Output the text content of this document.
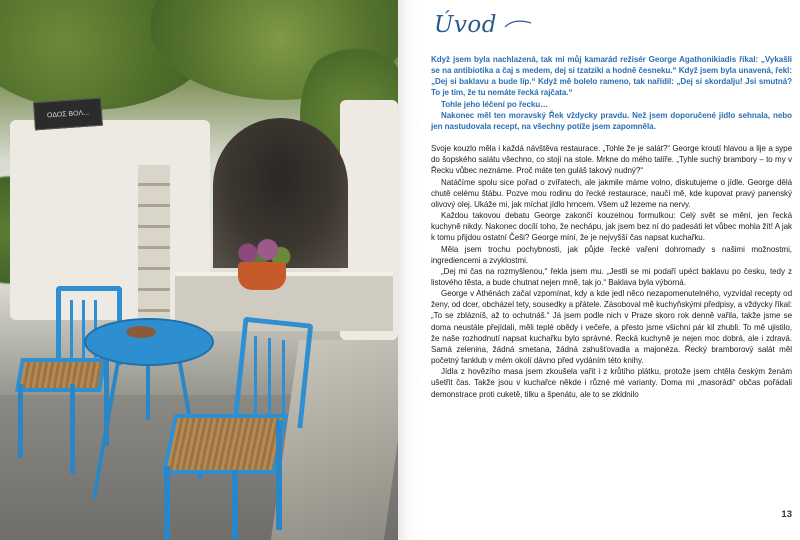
ΟΔΟΣ ΒΟΛ...
Úvod

Když jsem byla nachlazená, tak mi můj kamarád režisér George Agathonikiadis říkal: „Vykašli se na antibiotika a čaj s medem, dej si tzatziki a hodně česneku.“ Když jsem byla unavená, řekl: „Dej si baklavu a bude líp.“ Když mě bolelo rameno, tak nařídil: „Dej si skordalju! Jsi smutná? To je tím, že tu nemáte řecká rajčata.“

Tohle jeho léčení po řecku…

Nakonec měl ten moravský Řek vždycky pravdu. Než jsem doporučené jídlo sehnala, nebo jen nastudovala recept, na všechny potíže jsem zapomněla.

Svoje kouzlo měla i každá návštěva restaurace. „Tohle že je salát?“ George kroutí hlavou a lije a sype do šopského salátu všechno, co stojí na stole. Mrkne do mého talíře. „Tyhle suchý brambory – to my v Řecku vůbec neznáme. Proč máte ten guláš takový nudný?“

Natáčíme spolu sice pořad o zvířatech, ale jakmile máme volno, diskutujeme o jídle. George dělá chutě celému štábu. Pozve mou rodinu do řecké restaurace, naučí mě, kde kupovat pravý panenský olivový olej. Ukáže mi, jak míchat jídlo hrncem. Všem už lezeme na nervy.

Každou takovou debatu George zakončí kouzelnou formulkou: Celý svět se mění, jen řecká kuchyně nikdy. Nakonec docílí toho, že nechápu, jak jsem bez ní do padesáti let vůbec mohla žít! A jak k tomu přijdou ostatní Češi? George míní, že je nejvyšší čas napsat kuchařku.

Měla jsem trochu pochybnosti, jak půjde řecké vaření dohromady s našimi možnostmi, ingrediencemi a zvyklostmi.

„Dej mi čas na rozmyšlenou,“ řekla jsem mu. „Jestli se mi podaří upéct baklavu po česku, tedy z listového těsta, a bude chutnat nejen mně, tak jo.“ Baklava byla výborná.

George v Athénách začal vzpomínat, kdy a kde jedl něco nezapomenutelného, vyzvídal recepty od ženy, od dcer, obcházel tety, sousedky a přátele. Zásoboval mě kuchyňskými předpisy, a vždycky říkal: „To se zblázníš, až to ochutnáš.“ Já jsem podle nich v Praze skoro rok denně vařila, takže jsme se doma neustále přejídali, měli teplé obědy i večeře, a přesto jsme všichni pár kil zhubli. To mě ujistilo, že naše rozhodnutí napsat kuchařku bylo správné. Řecká kuchyně je nejen moc dobrá, ale i zdravá. Samá zelenina, žádná smetana, žádná zahušťovadla a majonéza. Řecký bramborový salát měl početný fanklub v mém okolí dávno před vydáním této knihy.

Jídla z hovězího masa jsem zkoušela vařit i z krůtího plátku, protože jsem chtěla českým ženám ušetřit čas. Takže jsou v kuchařce někde i různé mé varianty. Doma mi „masorádi“ občas pořádali demonstrace proti cuketě, tilku a špenátu, ale to se zkldnilo

13
